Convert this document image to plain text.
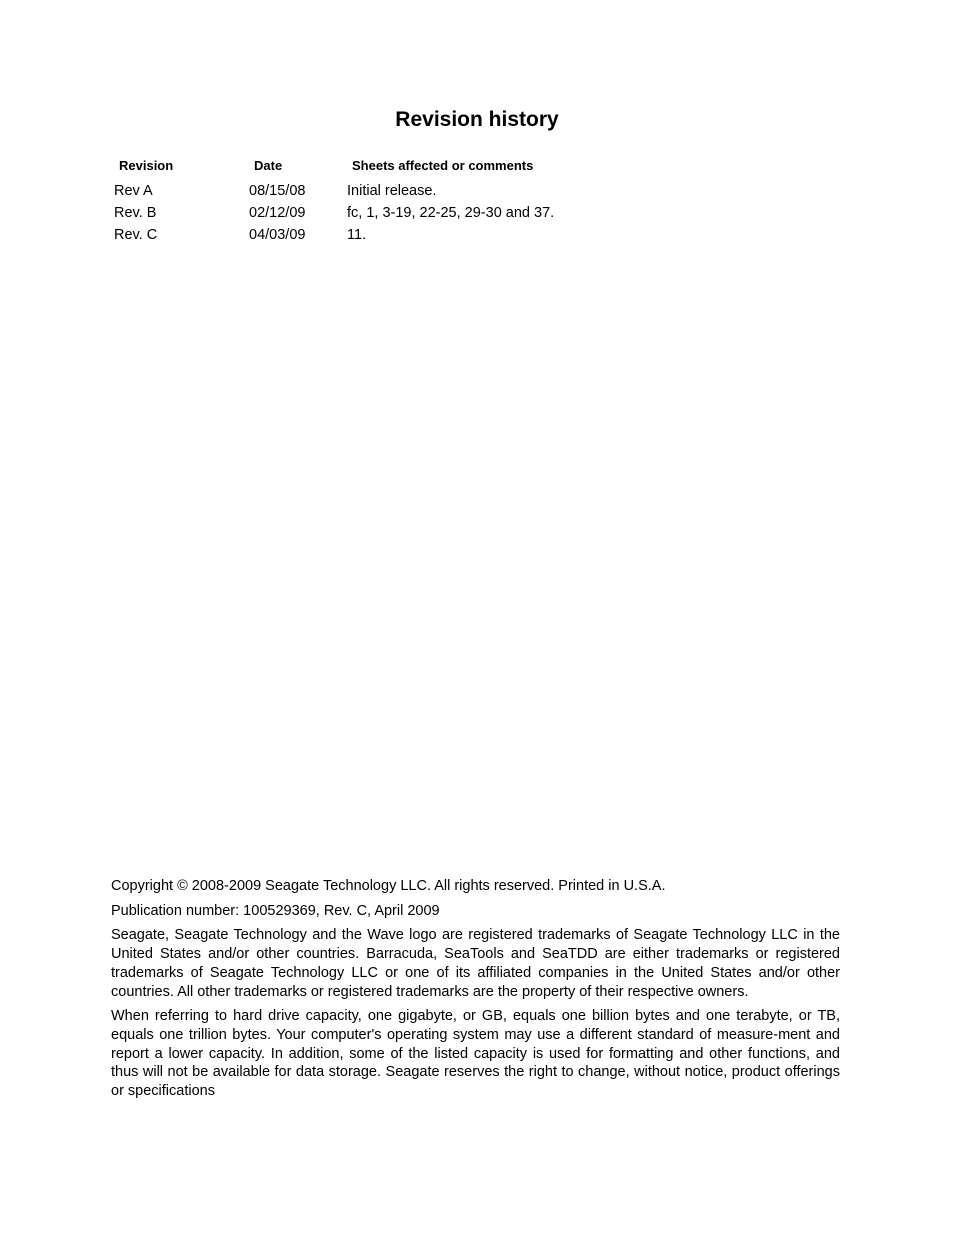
Revision history
Revision	Date	Sheets affected or comments
Rev A	08/15/08	Initial release.
Rev. B	02/12/09	fc, 1, 3-19, 22-25, 29-30 and 37.
Rev. C	04/03/09	11.

Copyright © 2008-2009 Seagate Technology LLC. All rights reserved. Printed in U.S.A.

Publication number: 100529369, Rev. C, April 2009

Seagate, Seagate Technology and the Wave logo are registered trademarks of Seagate Technology LLC in the United States and/or other countries. Barracuda, SeaTools and SeaTDD are either trademarks or registered trademarks of Seagate Technology LLC or one of its affiliated companies in the United States and/or other countries. All other trademarks or registered trademarks are the property of their respective owners.

When referring to hard drive capacity, one gigabyte, or GB, equals one billion bytes and one terabyte, or TB, equals one trillion bytes. Your computer's operating system may use a different standard of measure-ment and report a lower capacity. In addition, some of the listed capacity is used for formatting and other functions, and thus will not be available for data storage. Seagate reserves the right to change, without notice, product offerings or specifications
